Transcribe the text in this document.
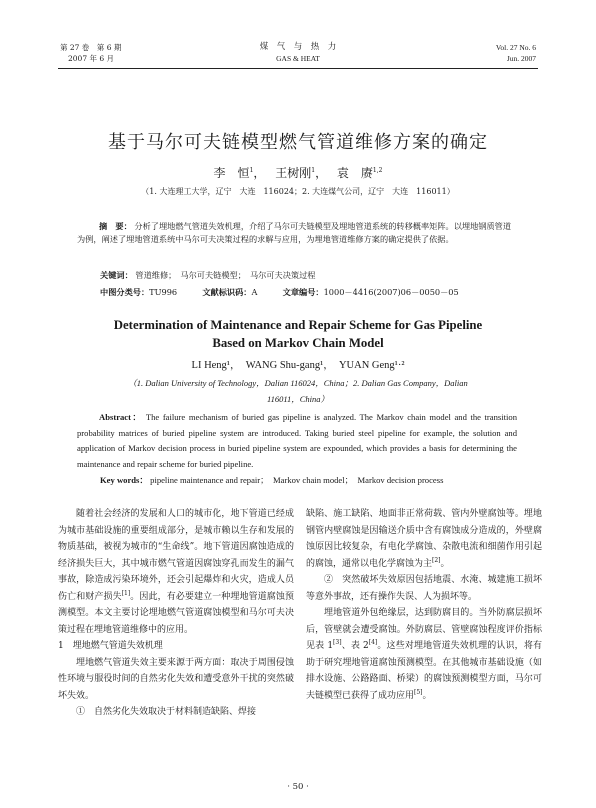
第 27 卷　第 6 期
2007 年 6 月
煤　气　与　热　力
GAS & HEAT
Vol. 27 No. 6
Jun. 2007
基于马尔可夫链模型燃气管道维修方案的确定
李　恒$^1$， 王树刚$^1$， 袁　赓$^{1,2}$
（1. 大连理工大学，辽宁　大连　116024；2. 大连煤气公司，辽宁　大连　116011）
摘　要： 分析了埋地燃气管道失效机理，介绍了马尔可夫链模型及埋地管道系统的转移概率矩阵。以埋地钢质管道为例，阐述了埋地管道系统中马尔可夫决策过程的求解与应用，为埋地管道维修方案的确定提供了依据。
关键词： 管道维修；　马尔可夫链模型；　马尔可夫决策过程
中图分类号：TU996	文献标识码：A	文章编号：1000－4416(2007)06－0050－05
Determination of Maintenance and Repair Scheme for Gas Pipeline
Based on Markov Chain Model
LI Heng¹，　WANG Shu-gang¹，　YUAN Geng¹·²
（1. Dalian University of Technology，Dalian 116024，China；2. Dalian Gas Company，Dalian
116011，China）
Abstract： The failure mechanism of buried gas pipeline is analyzed. The Markov chain model and the transition probability matrices of buried pipeline system are introduced. Taking buried steel pipeline for example, the solution and application of Markov decision process in buried pipeline system are expounded, which provides a basis for determining the maintenance and repair scheme for buried pipeline.
Key words： pipeline maintenance and repair；　Markov chain model；　Markov decision process

随着社会经济的发展和人口的城市化，地下管道已经成为城市基础设施的重要组成部分，是城市赖以生存和发展的物质基础，被视为城市的“生命线”。地下管道因腐蚀造成的经济损失巨大，其中城市燃气管道因腐蚀穿孔而发生的漏气事故，除造成污染环境外，还会引起爆炸和火灾，造成人员伤亡和财产损失[1]。因此，有必要建立一种埋地管道腐蚀预测模型。本文主要讨论埋地燃气管道腐蚀模型和马尔可夫决策过程在埋地管道维修中的应用。

1　埋地燃气管道失效机理

埋地燃气管道失效主要来源于两方面：取决于周围侵蚀性环境与服役时间的自然劣化失效和遭受意外干扰的突然破坏失效。

①　自然劣化失效取决于材料制造缺陷、焊接

缺陷、施工缺陷、地面非正常荷载、管内外壁腐蚀等。埋地钢管内壁腐蚀是因输送介质中含有腐蚀成分造成的，外壁腐蚀原因比较复杂，有电化学腐蚀、杂散电流和细菌作用引起的腐蚀，通常以电化学腐蚀为主[2]。

②　突然破坏失效原因包括地震、水淹、城建施工损坏等意外事故，还有操作失误、人为损坏等。

埋地管道外包绝缘层，达到防腐目的。当外防腐层损坏后，管壁就会遭受腐蚀。外防腐层、管壁腐蚀程度评价指标见表 1[3]、表 2[4]。这些对埋地管道失效机理的认识，将有助于研究埋地管道腐蚀预测模型。在其他城市基础设施（如排水设施、公路路面、桥梁）的腐蚀预测模型方面，马尔可夫链模型已获得了成功应用[5]。

· 50 ·
